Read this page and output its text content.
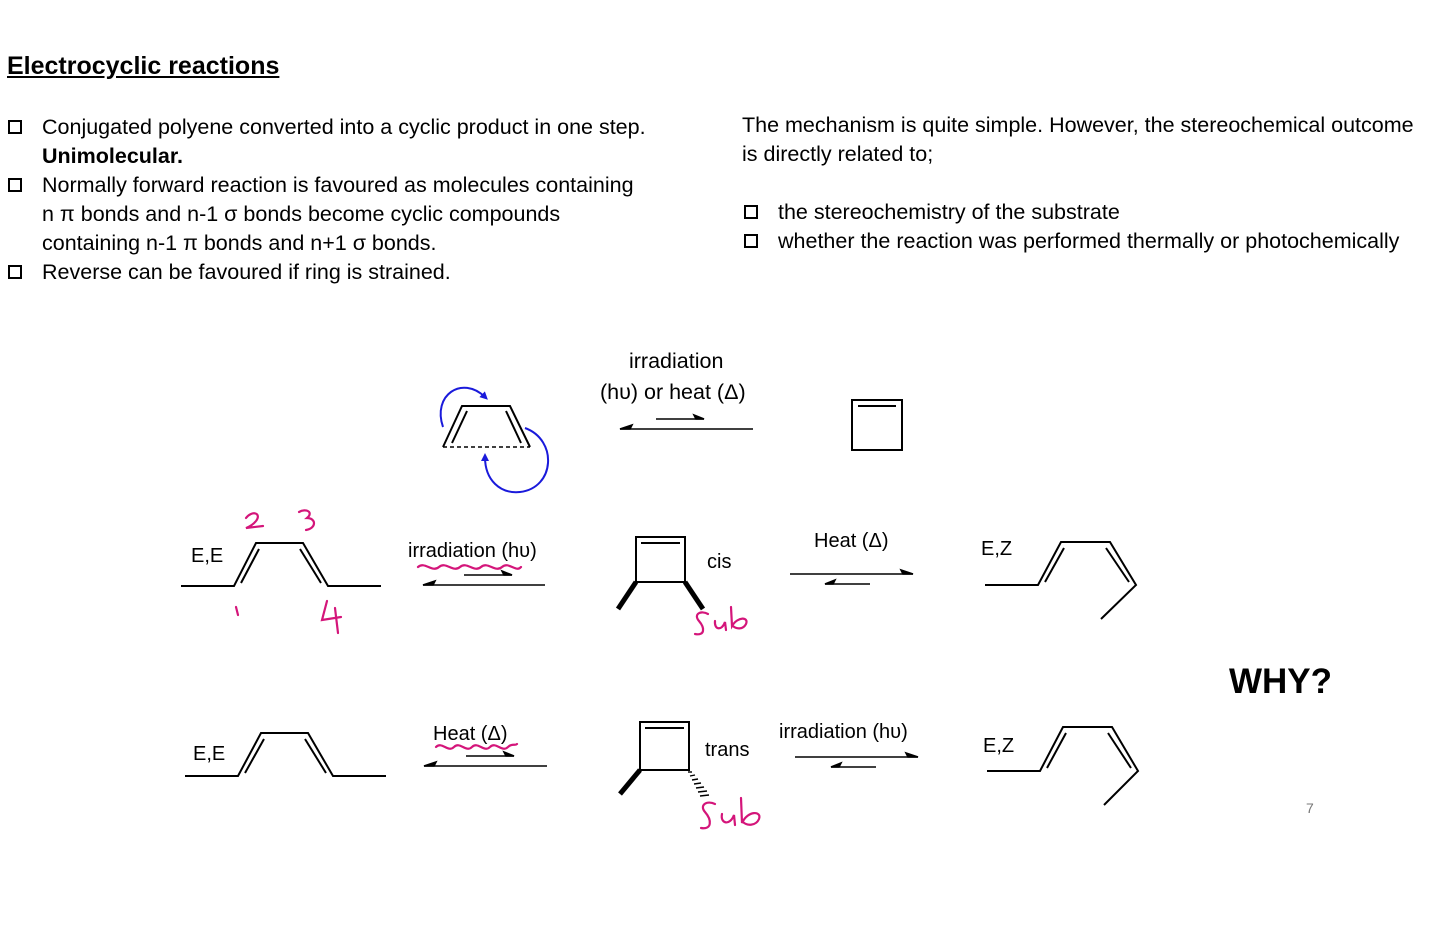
Electrocyclic reactions
Conjugated polyene converted into a cyclic product in one step. Unimolecular.
Normally forward reaction is favoured as molecules containing n π bonds and n-1 σ bonds become cyclic compounds containing n-1 π bonds and n+1 σ bonds.
Reverse can be favoured if ring is strained.
The mechanism is quite simple. However, the stereochemical outcome is directly related to;
the stereochemistry of the substrate
whether the reaction was performed thermally or photochemically
irradiation
(hυ) or heat (Δ)
E,E	irradiation (hυ)	cis
Heat (Δ)	E,Z
E,E
Heat (Δ)
trans
irradiation (hυ)
E,Z
WHY?
7
